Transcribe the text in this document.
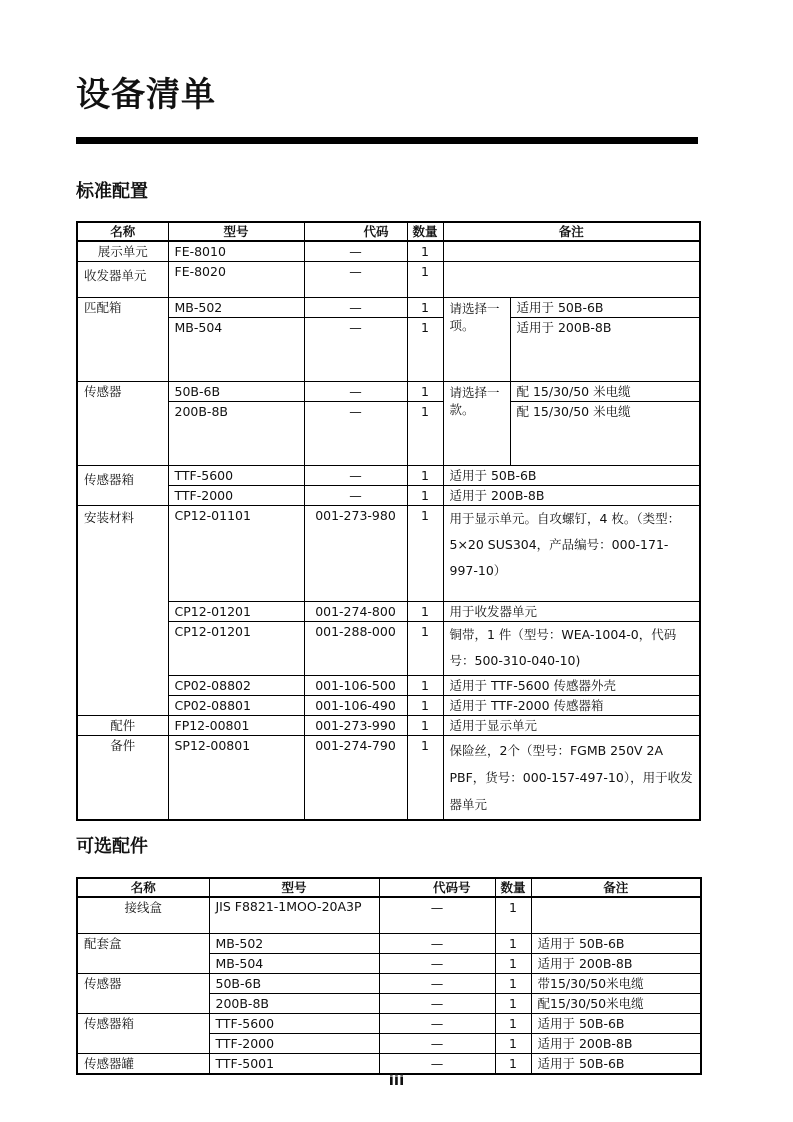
设备清单
标准配置
名称	型号	代码	数量	备注	
展示单元	FE-8010	—	1		
收发器单元	FE-8020	—	1		
匹配箱	MB-502	—	1	请选择一项。	适用于 50B-6B
	MB-504	—	1		适用于 200B-8B
传感器	50B-6B	—	1	请选择一款。	配 15/30/50 米电缆
	200B-8B	—	1		配 15/30/50 米电缆
传感器箱	TTF-5600	—	1	适用于 50B-6B	
	TTF-2000	—	1	适用于 200B-8B	
安装材料	CP12-01101	001-273-980	1	用于显示单元。自攻螺钉，4 枚。（类型：5×20 SUS304，产品编号：000-171-997-10）	
	CP12-01201	001-274-800	1	用于收发器单元	
	CP12-01201	001-288-000	1	铜带，1 件（型号：WEA-1004-0，代码号：500-310-040-10)	
	CP02-08802	001-106-500	1	适用于 TTF-5600 传感器外壳	
	CP02-08801	001-106-490	1	适用于 TTF-2000 传感器箱	
配件	FP12-00801	001-273-990	1	适用于显示单元	
备件	SP12-00801	001-274-790	1	保险丝，2个（型号：FGMB 250V 2A PBF，货号：000-157-497-10），用于收发器单元	
可选配件
名称	型号	代码号	数量	备注
接线盒	JIS F8821-1MOO-20A3P	—	1	
配套盒	MB-502	—	1	适用于 50B-6B
	MB-504	—	1	适用于 200B-8B
传感器	50B-6B	—	1	带15/30/50米电缆
	200B-8B	—	1	配15/30/50米电缆
传感器箱	TTF-5600	—	1	适用于 50B-6B
	TTF-2000	—	1	适用于 200B-8B
传感器罐	TTF-5001	—	1	适用于 50B-6B
iii
